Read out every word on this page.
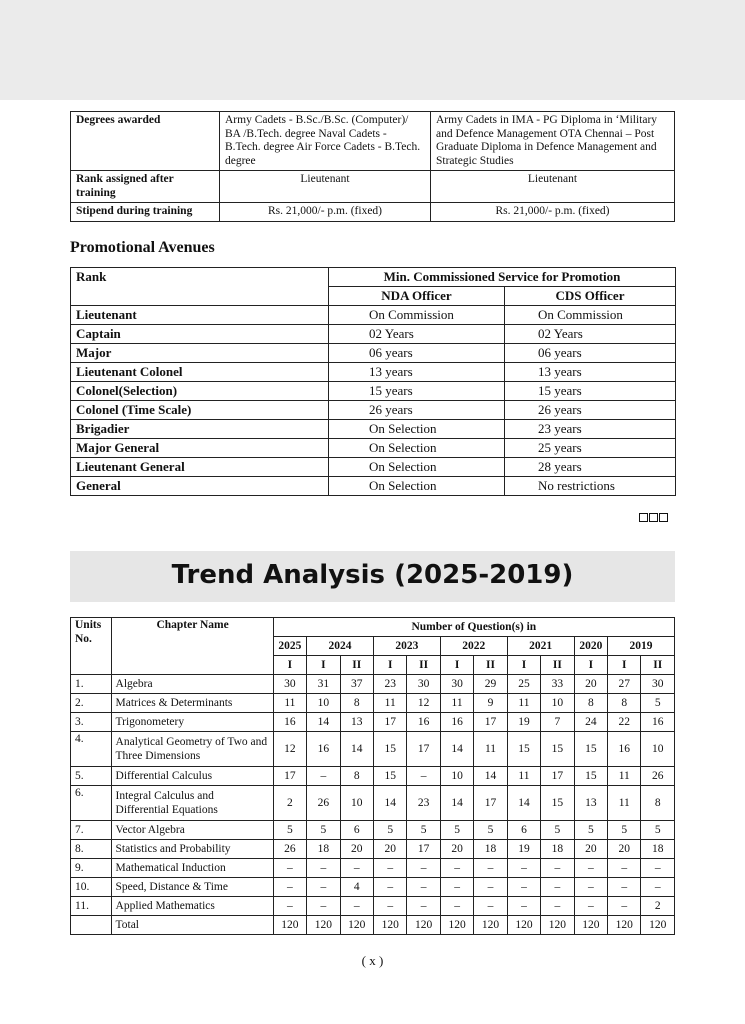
Degrees awarded	Army Cadets - B.Sc./B.Sc. (Computer)/ BA /B.Tech. degree Naval Cadets - B.Tech. degree Air Force Cadets - B.Tech. degree	Army Cadets in IMA - PG Diploma in ‘Military and Defence Management OTA Chennai – Post Graduate Diploma in Defence Management and Strategic Studies
Rank assigned after training	Lieutenant	Lieutenant
Stipend during training	Rs. 21,000/- p.m. (fixed)	Rs. 21,000/- p.m. (fixed)
Promotional Avenues
Rank	Min. Commissioned Service for Promotion	
	NDA Officer	CDS Officer
Lieutenant	On Commission	On Commission
Captain	02 Years	02 Years
Major	06 years	06 years
Lieutenant Colonel	13 years	13 years
Colonel(Selection)	15 years	15 years
Colonel (Time Scale)	26 years	26 years
Brigadier	On Selection	23 years
Major General	On Selection	25 years
Lieutenant General	On Selection	28 years
General	On Selection	No restrictions
Trend Analysis (2025-2019)
Units No.	Chapter Name	Number of Question(s) in											
		2025	2024		2023		2022		2021		2020	2019	
		I	I	II	I	II	I	II	I	II	I	I	II
1.	Algebra	30	31	37	23	30	30	29	25	33	20	27	30
2.	Matrices & Determinants	11	10	8	11	12	11	9	11	10	8	8	5
3.	Trigonometery	16	14	13	17	16	16	17	19	7	24	22	16
4.	Analytical Geometry of Two and Three Dimensions	12	16	14	15	17	14	11	15	15	15	16	10
5.	Differential Calculus	17	–	8	15	–	10	14	11	17	15	11	26
6.	Integral Calculus and Differential Equations	2	26	10	14	23	14	17	14	15	13	11	8
7.	Vector Algebra	5	5	6	5	5	5	5	6	5	5	5	5
8.	Statistics and Probability	26	18	20	20	17	20	18	19	18	20	20	18
9.	Mathematical Induction	–	–	–	–	–	–	–	–	–	–	–	–
10.	Speed, Distance & Time	–	–	4	–	–	–	–	–	–	–	–	–
11.	Applied Mathematics	–	–	–	–	–	–	–	–	–	–	–	2
	Total	120	120	120	120	120	120	120	120	120	120	120	120
( x )
